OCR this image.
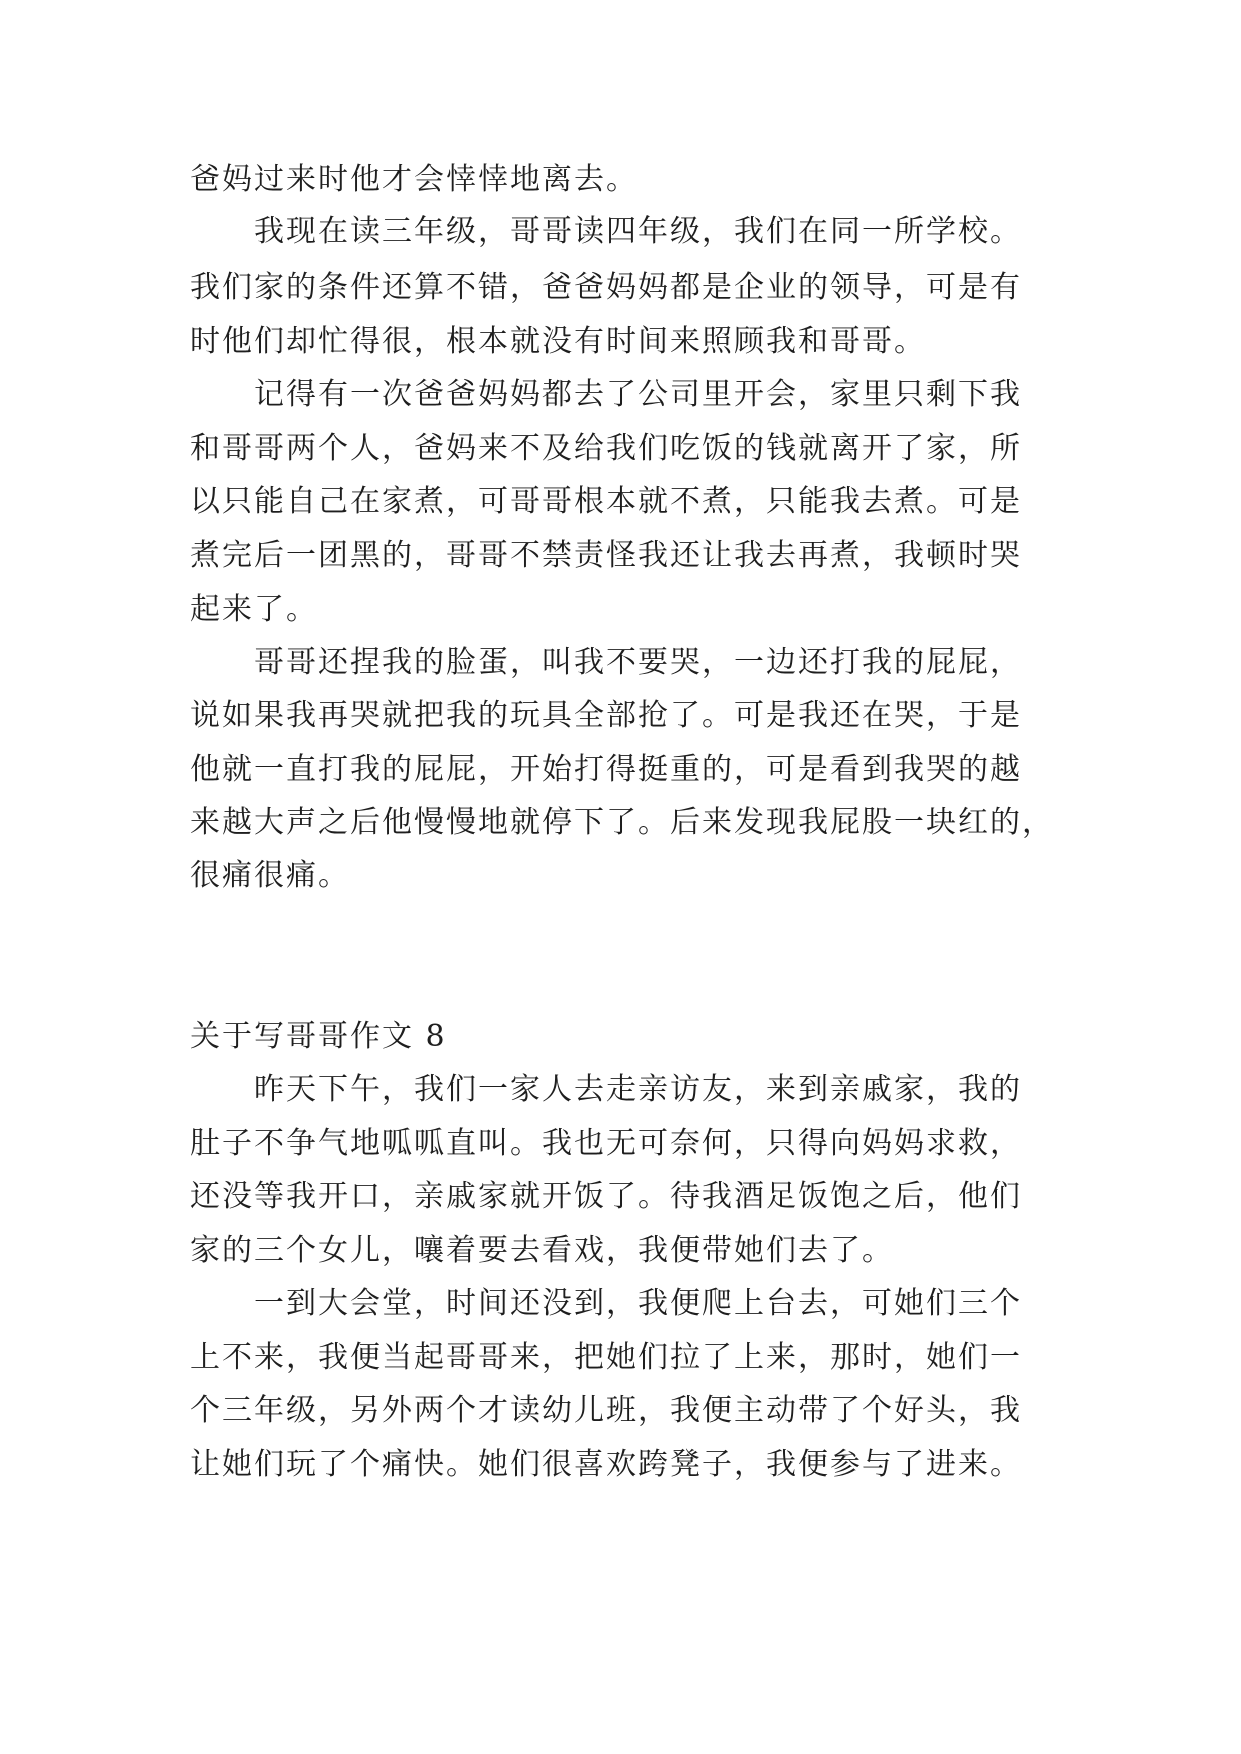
爸妈过来时他才会悻悻地离去。

我现在读三年级，哥哥读四年级，我们在同一所学校。

我们家的条件还算不错，爸爸妈妈都是企业的领导，可是有

时他们却忙得很，根本就没有时间来照顾我和哥哥。

记得有一次爸爸妈妈都去了公司里开会，家里只剩下我

和哥哥两个人，爸妈来不及给我们吃饭的钱就离开了家，所

以只能自己在家煮，可哥哥根本就不煮，只能我去煮。可是

煮完后一团黑的，哥哥不禁责怪我还让我去再煮，我顿时哭

起来了。

哥哥还捏我的脸蛋，叫我不要哭，一边还打我的屁屁，

说如果我再哭就把我的玩具全部抢了。可是我还在哭，于是

他就一直打我的屁屁，开始打得挺重的，可是看到我哭的越

来越大声之后他慢慢地就停下了。后来发现我屁股一块红的，

很痛很痛。

关于写哥哥作文 8

昨天下午，我们一家人去走亲访友，来到亲戚家，我的

肚子不争气地呱呱直叫。我也无可奈何，只得向妈妈求救，

还没等我开口，亲戚家就开饭了。待我酒足饭饱之后，他们

家的三个女儿，嚷着要去看戏，我便带她们去了。

一到大会堂，时间还没到，我便爬上台去，可她们三个

上不来，我便当起哥哥来，把她们拉了上来，那时，她们一

个三年级，另外两个才读幼儿班，我便主动带了个好头，我

让她们玩了个痛快。她们很喜欢跨凳子，我便参与了进来。
